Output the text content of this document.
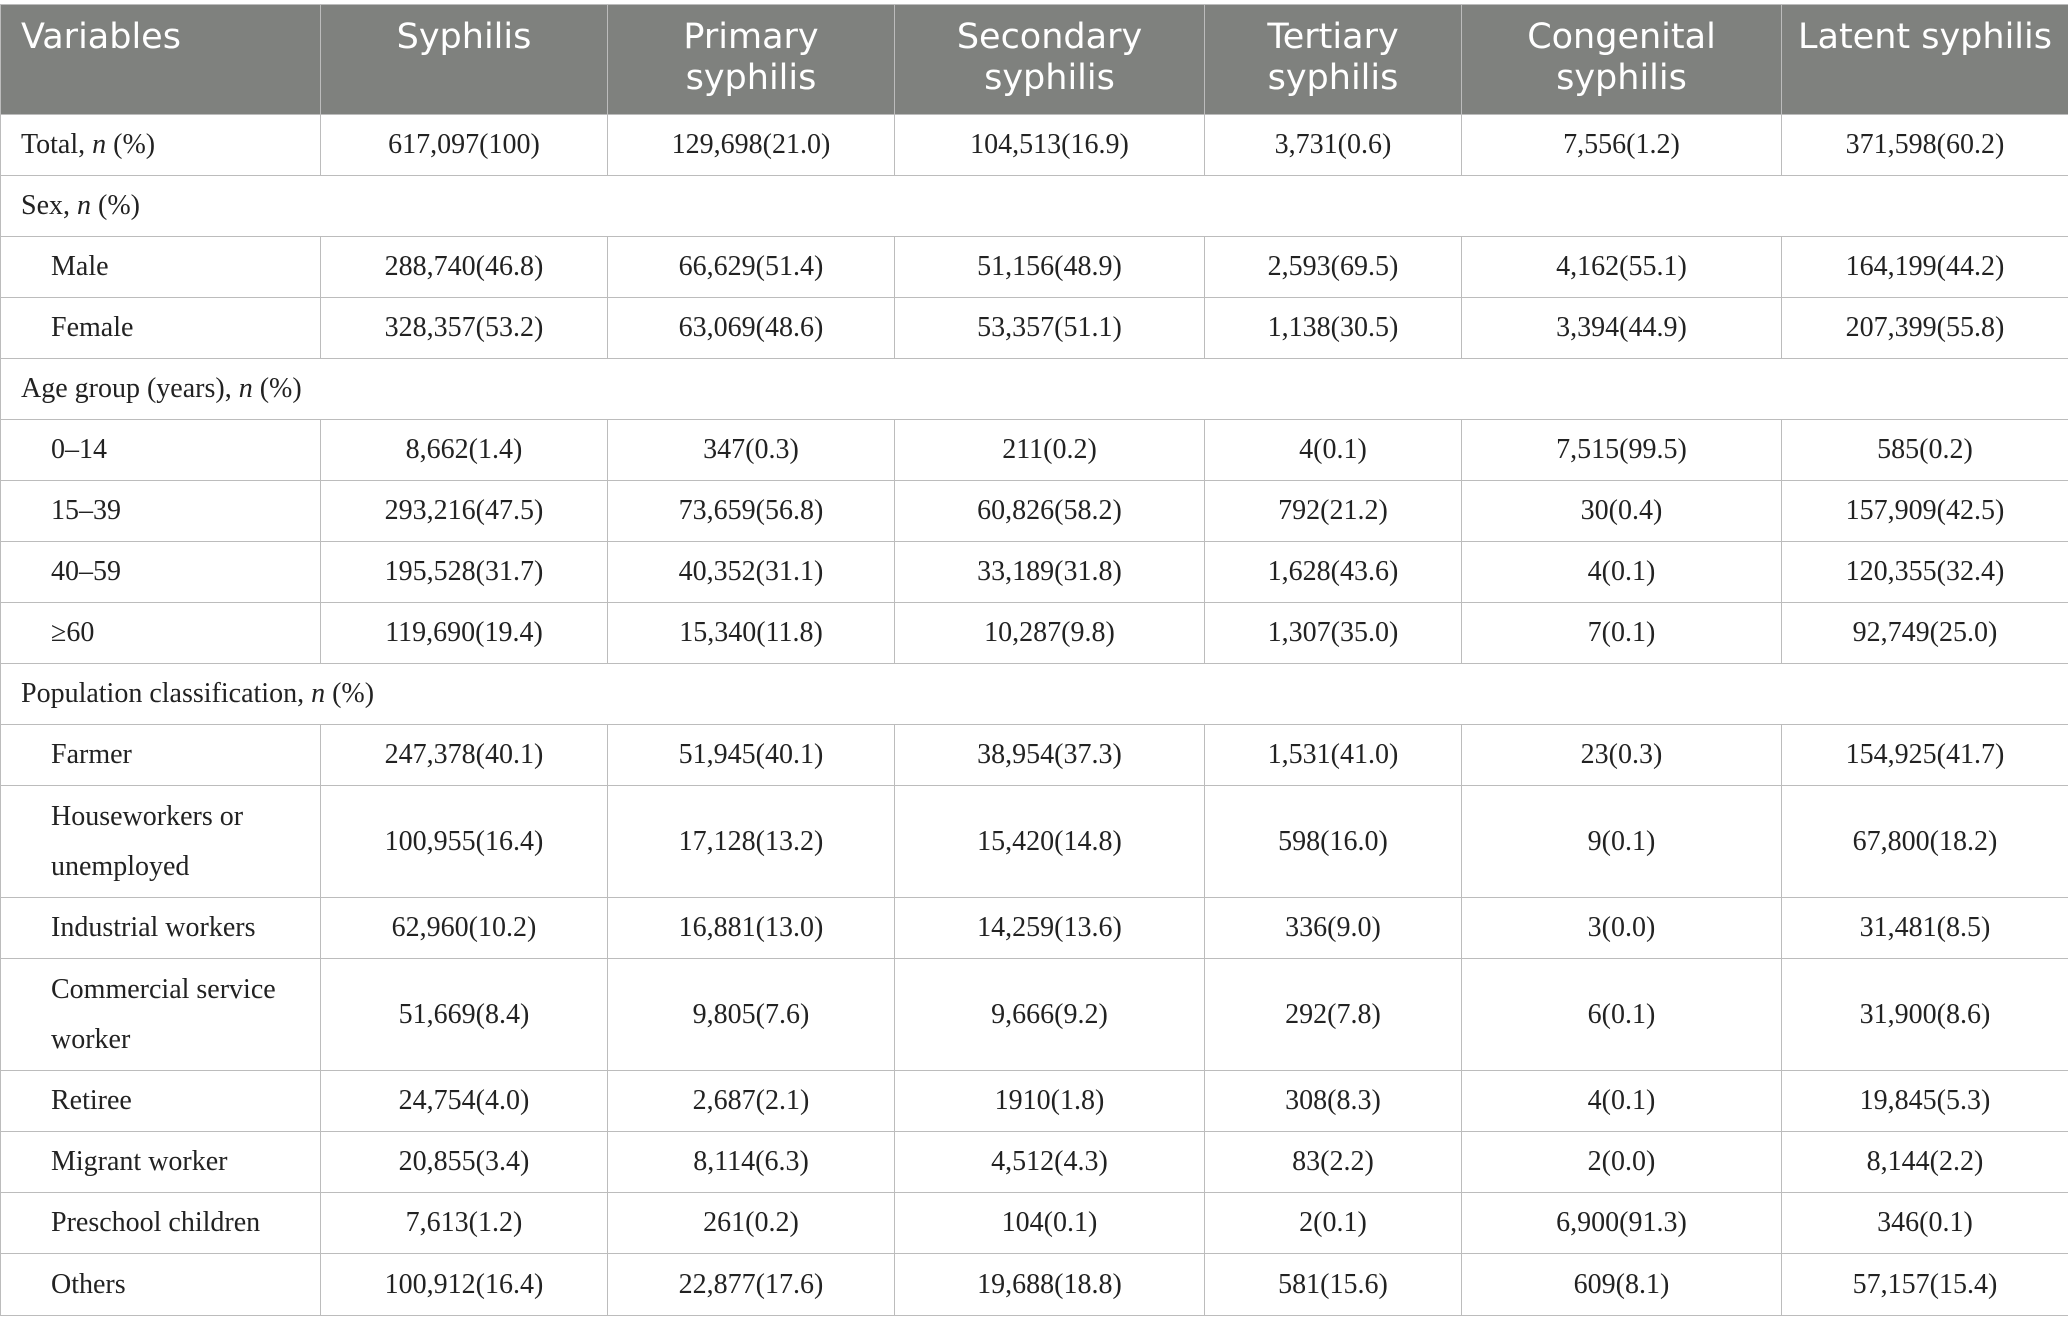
Variables	Syphilis	Primary syphilis	Secondary syphilis	Tertiary syphilis	Congenital syphilis	Latent syphilis
Total, n (%)	617,097(100)	129,698(21.0)	104,513(16.9)	3,731(0.6)	7,556(1.2)	371,598(60.2)
Sex, n (%)						
Male	288,740(46.8)	66,629(51.4)	51,156(48.9)	2,593(69.5)	4,162(55.1)	164,199(44.2)
Female	328,357(53.2)	63,069(48.6)	53,357(51.1)	1,138(30.5)	3,394(44.9)	207,399(55.8)
Age group (years), n (%)						
0–14	8,662(1.4)	347(0.3)	211(0.2)	4(0.1)	7,515(99.5)	585(0.2)
15–39	293,216(47.5)	73,659(56.8)	60,826(58.2)	792(21.2)	30(0.4)	157,909(42.5)
40–59	195,528(31.7)	40,352(31.1)	33,189(31.8)	1,628(43.6)	4(0.1)	120,355(32.4)
≥60	119,690(19.4)	15,340(11.8)	10,287(9.8)	1,307(35.0)	7(0.1)	92,749(25.0)
Population classification, n (%)						
Farmer	247,378(40.1)	51,945(40.1)	38,954(37.3)	1,531(41.0)	23(0.3)	154,925(41.7)
Houseworkers or unemployed	100,955(16.4)	17,128(13.2)	15,420(14.8)	598(16.0)	9(0.1)	67,800(18.2)
Industrial workers	62,960(10.2)	16,881(13.0)	14,259(13.6)	336(9.0)	3(0.0)	31,481(8.5)
Commercial service worker	51,669(8.4)	9,805(7.6)	9,666(9.2)	292(7.8)	6(0.1)	31,900(8.6)
Retiree	24,754(4.0)	2,687(2.1)	1910(1.8)	308(8.3)	4(0.1)	19,845(5.3)
Migrant worker	20,855(3.4)	8,114(6.3)	4,512(4.3)	83(2.2)	2(0.0)	8,144(2.2)
Preschool children	7,613(1.2)	261(0.2)	104(0.1)	2(0.1)	6,900(91.3)	346(0.1)
Others	100,912(16.4)	22,877(17.6)	19,688(18.8)	581(15.6)	609(8.1)	57,157(15.4)
